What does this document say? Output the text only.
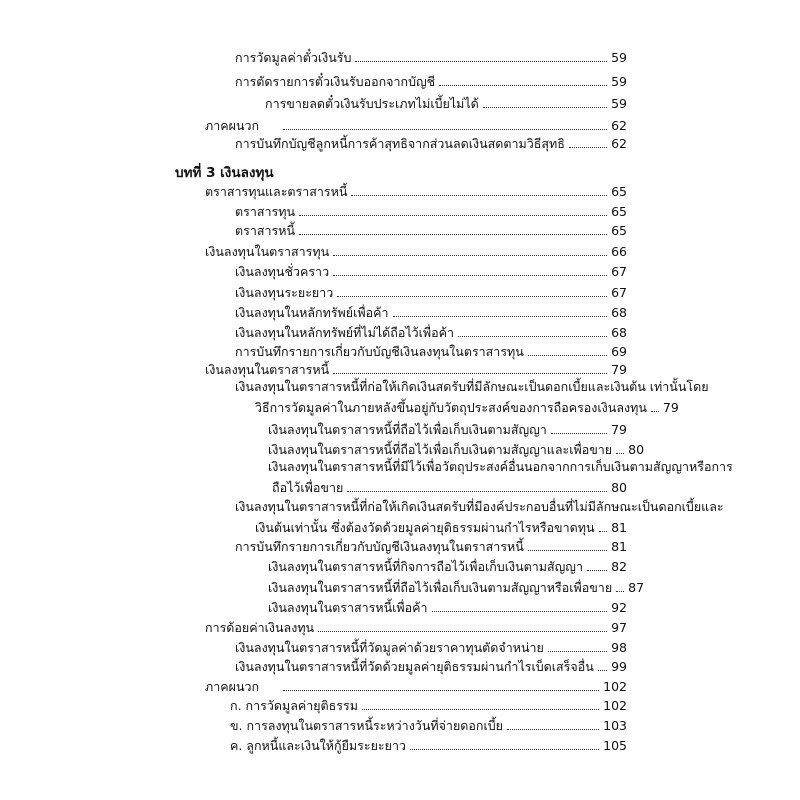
การวัดมูลค่าตั๋วเงินรับ	59
การตัดรายการตั๋วเงินรับออกจากบัญชี	59
การขายลดตั๋วเงินรับประเภทไม่เบี้ยไม่ได้	59
ภาคผนวก	62
การบันทึกบัญชีลูกหนี้การค้าสุทธิจากส่วนลดเงินสดตามวิธีสุทธิ	62
บทที่ 3 เงินลงทุน
ตราสารทุนและตราสารหนี้	65
ตราสารทุน	65
ตราสารหนี้	65
เงินลงทุนในตราสารทุน	66
เงินลงทุนชั่วคราว	67
เงินลงทุนระยะยาว	67
เงินลงทุนในหลักทรัพย์เพื่อค้า	68
เงินลงทุนในหลักทรัพย์ที่ไม่ได้ถือไว้เพื่อค้า	68
การบันทึกรายการเกี่ยวกับบัญชีเงินลงทุนในตราสารทุน	69
เงินลงทุนในตราสารหนี้	79
เงินลงทุนในตราสารหนี้ที่ก่อให้เกิดเงินสดรับที่มีลักษณะเป็นดอกเบี้ยและเงินต้น เท่านั้นโดย
วิธีการวัดมูลค่าในภายหลังขึ้นอยู่กับวัตถุประสงค์ของการถือครองเงินลงทุน 79
เงินลงทุนในตราสารหนี้ที่ถือไว้เพื่อเก็บเงินตามสัญญา	79
เงินลงทุนในตราสารหนี้ที่ถือไว้เพื่อเก็บเงินตามสัญญาและเพื่อขาย 80
เงินลงทุนในตราสารหนี้ที่มีไว้เพื่อวัตถุประสงค์อื่นนอกจากการเก็บเงินตามสัญญาหรือการ
ถือไว้เพื่อขาย	80
เงินลงทุนในตราสารหนี้ที่ก่อให้เกิดเงินสดรับที่มีองค์ประกอบอื่นที่ไม่มีลักษณะเป็นดอกเบี้ยและ
เงินต้นเท่านั้น ซึ่งต้องวัดด้วยมูลค่ายุติธรรมผ่านกำไรหรือขาดทุน 81
การบันทึกรายการเกี่ยวกับบัญชีเงินลงทุนในตราสารหนี้	81
เงินลงทุนในตราสารหนี้ที่กิจการถือไว้เพื่อเก็บเงินตามสัญญา 82
เงินลงทุนในตราสารหนี้ที่ถือไว้เพื่อเก็บเงินตามสัญญาหรือเพื่อขาย 87
เงินลงทุนในตราสารหนี้เพื่อค้า	92
การด้อยค่าเงินลงทุน	97
เงินลงทุนในตราสารหนี้ที่วัดมูลค่าด้วยราคาทุนตัดจำหน่าย	98
เงินลงทุนในตราสารหนี้ที่วัดด้วยมูลค่ายุติธรรมผ่านกำไรเบ็ดเสร็จอื่น 99
ภาคผนวก	102
ก. การวัดมูลค่ายุติธรรม	102
ข. การลงทุนในตราสารหนี้ระหว่างวันที่จ่ายดอกเบี้ย	103
ค. ลูกหนี้และเงินให้กู้ยืมระยะยาว	105
